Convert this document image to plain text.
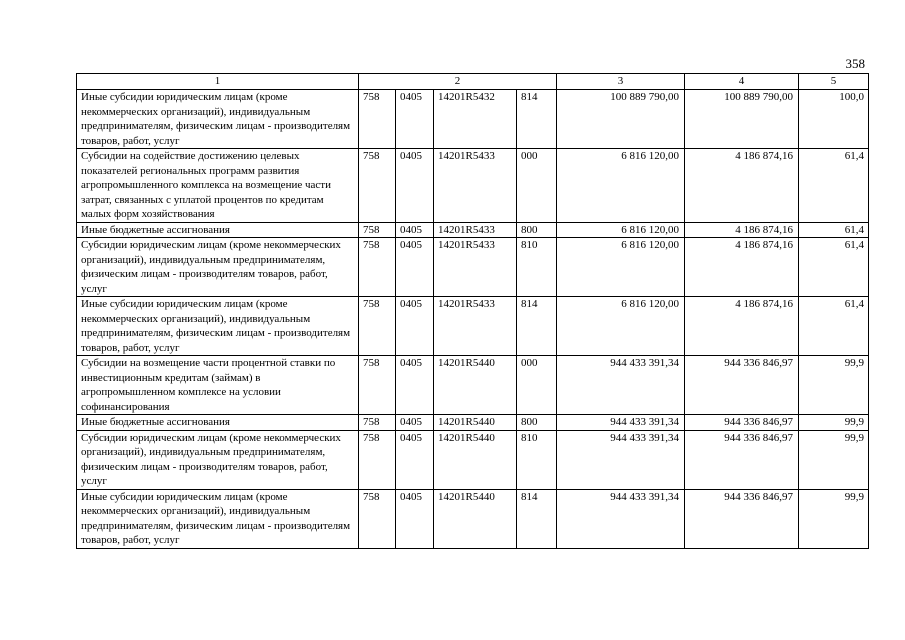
358
1	2				3	4	5
Иные субсидии юридическим лицам (кроме некоммерческих организаций), индивидуальным предпринимателям, физическим лицам - производителям товаров, работ, услуг	758	0405	14201R5432	814	100 889 790,00	100 889 790,00	100,0
Субсидии на содействие достижению целевых показателей региональных программ развития агропромышленного комплекса на возмещение части затрат, связанных с уплатой процентов по кредитам малых форм хозяйствования	758	0405	14201R5433	000	6 816 120,00	4 186 874,16	61,4
Иные бюджетные ассигнования	758	0405	14201R5433	800	6 816 120,00	4 186 874,16	61,4
Субсидии юридическим лицам (кроме некоммерческих организаций), индивидуальным предпринимателям, физическим лицам - производителям товаров, работ, услуг	758	0405	14201R5433	810	6 816 120,00	4 186 874,16	61,4
Иные субсидии юридическим лицам (кроме некоммерческих организаций), индивидуальным предпринимателям, физическим лицам - производителям товаров, работ, услуг	758	0405	14201R5433	814	6 816 120,00	4 186 874,16	61,4
Субсидии на возмещение части процентной ставки по инвестиционным кредитам (займам) в агропромышленном комплексе на условии софинансирования	758	0405	14201R5440	000	944 433 391,34	944 336 846,97	99,9
Иные бюджетные ассигнования	758	0405	14201R5440	800	944 433 391,34	944 336 846,97	99,9
Субсидии юридическим лицам (кроме некоммерческих организаций), индивидуальным предпринимателям, физическим лицам - производителям товаров, работ, услуг	758	0405	14201R5440	810	944 433 391,34	944 336 846,97	99,9
Иные субсидии юридическим лицам (кроме некоммерческих организаций), индивидуальным предпринимателям, физическим лицам - производителям товаров, работ, услуг	758	0405	14201R5440	814	944 433 391,34	944 336 846,97	99,9
